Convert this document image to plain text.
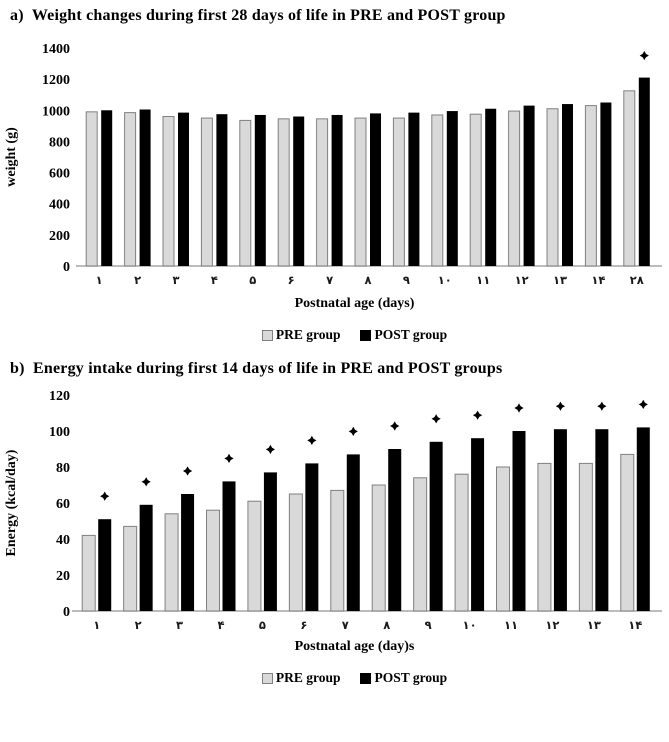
a)  Weight changes during first 28 days of life in PRE and POST group
0
200
400
600
800
1000
1200
1400
weight (g)
۱	۲	۳	۴	۵	۶	۷	۸	۹ ۱۰ ۱۱ ۱۲ ۱۳ ۱۴ ۲۸
Postnatal age (days)
PRE group	POST group
b)  Energy intake during first 14 days of life in PRE and POST groups
0
20
40
60
80
100
120
Energy (kcal/day)
۱	۲	۳	۴	۵	۶	۷	۸	۹	۱۰ ۱۱ ۱۲ ۱۳ ۱۴
Postnatal age (day)s
PRE group	POST group
